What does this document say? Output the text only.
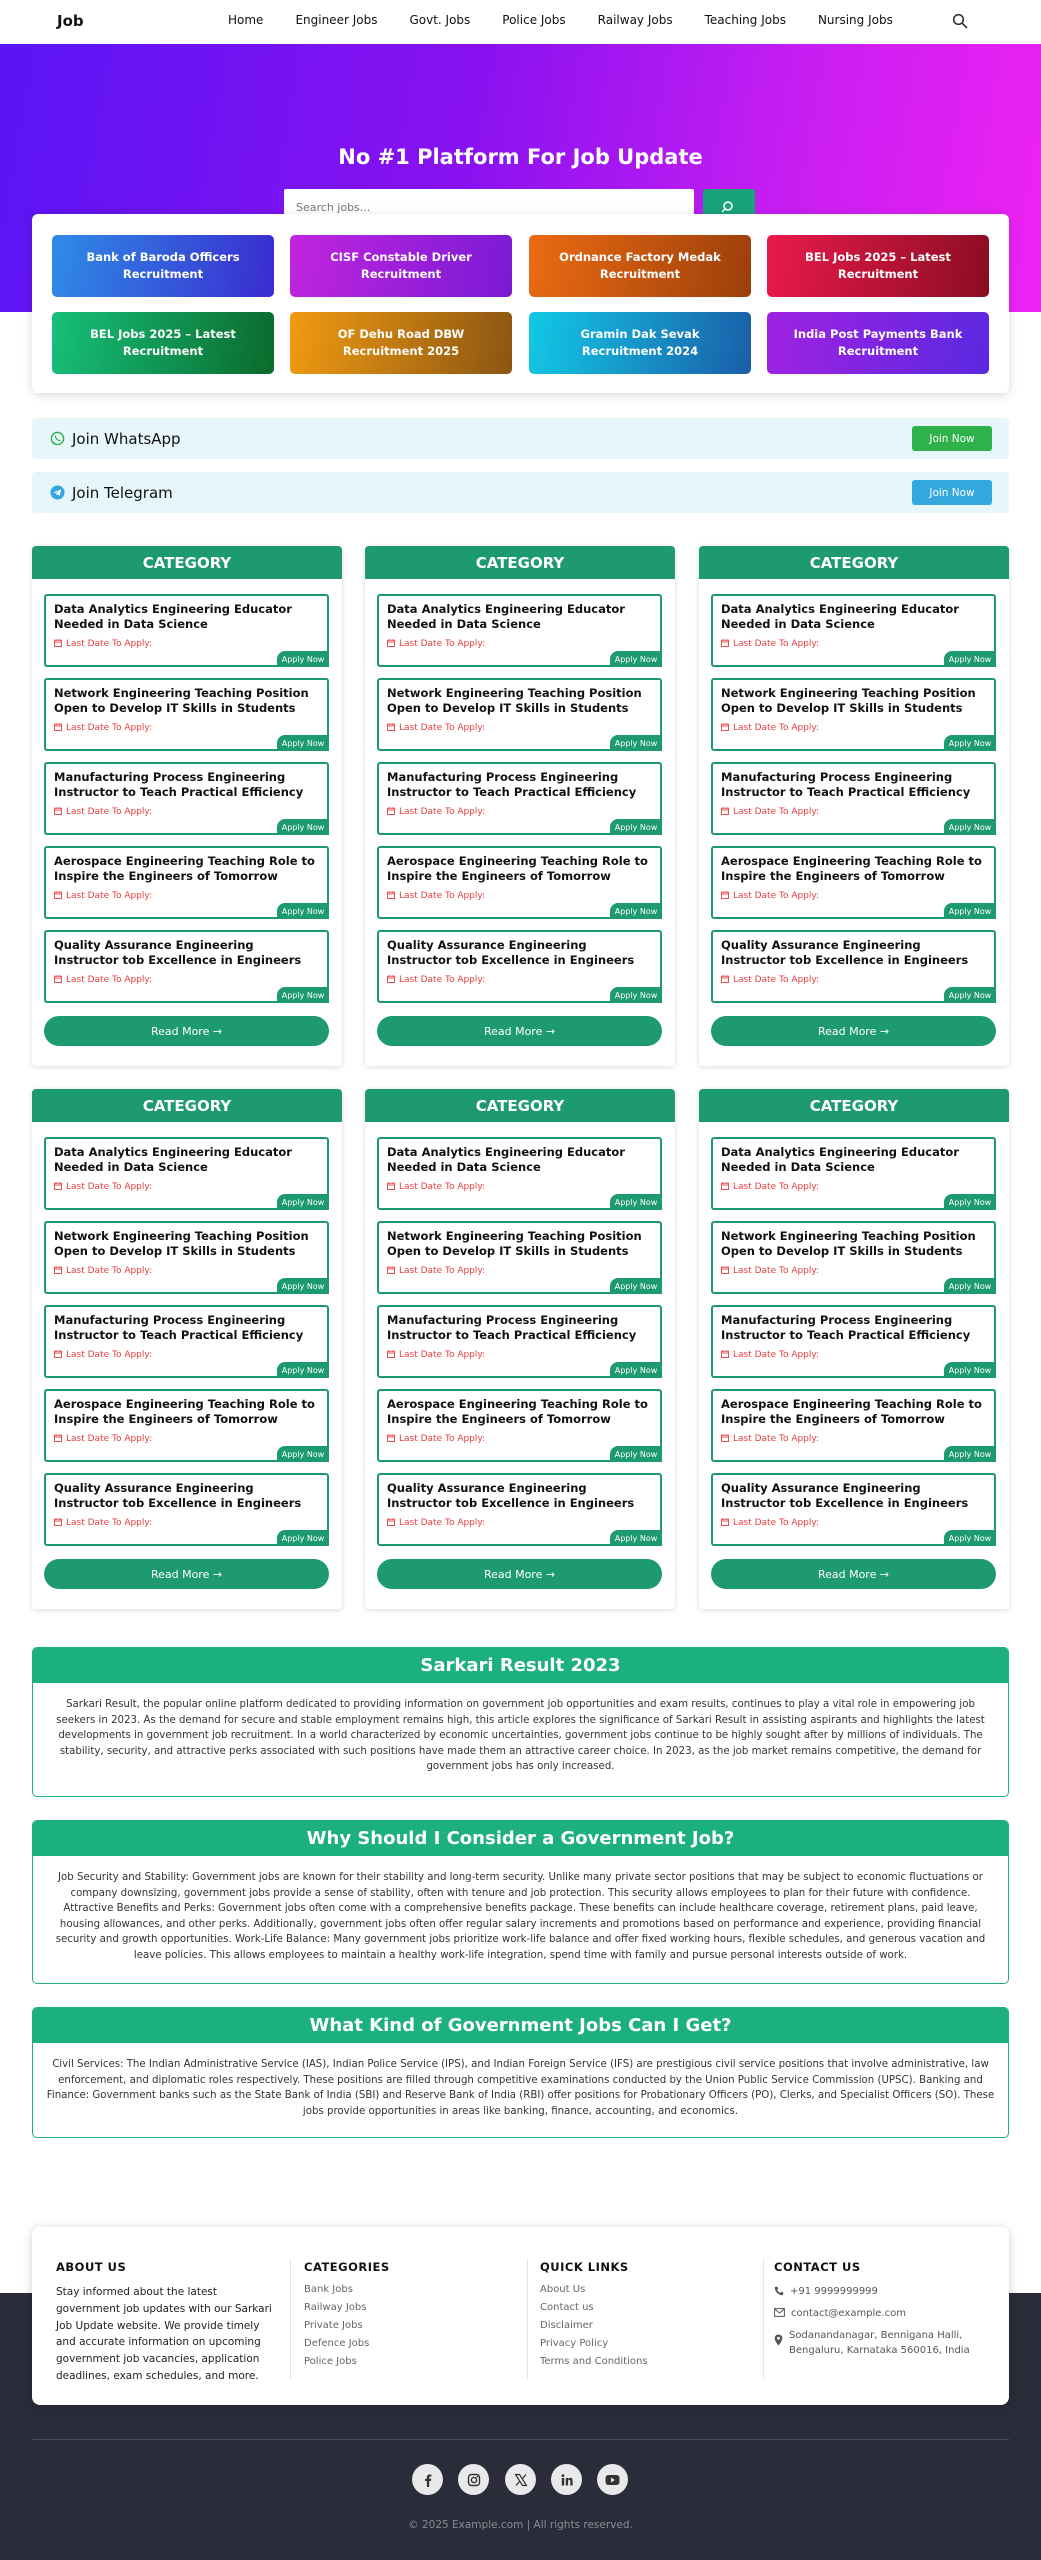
Job	Home	Engineer Jobs	Govt. Jobs	Police Jobs	Railway Jobs	Teaching Jobs	Nursing Jobs
No #1 Platform For Job Update
Search jobs...
Bank of Baroda Officers Recruitment
CISF Constable Driver Recruitment
Ordnance Factory Medak Recruitment
BEL Jobs 2025 – Latest Recruitment
BEL Jobs 2025 – Latest Recruitment
OF Dehu Road DBW Recruitment 2025
Gramin Dak Sevak Recruitment 2024
India Post Payments Bank Recruitment
Join WhatsApp	Join Now
Join Telegram	Join Now
CATEGORY
Data Analytics Engineering Educator Needed in Data Science
Last Date To Apply:
Apply Now
Network Engineering Teaching Position Open to Develop IT Skills in Students
Last Date To Apply:
Apply Now
Manufacturing Process Engineering Instructor to Teach Practical Efficiency
Last Date To Apply:
Apply Now
Aerospace Engineering Teaching Role to Inspire the Engineers of Tomorrow
Last Date To Apply:
Apply Now
Quality Assurance Engineering Instructor tob Excellence in Engineers
Last Date To Apply:
Apply Now
Read More →
CATEGORY
Data Analytics Engineering Educator Needed in Data Science
Last Date To Apply:
Apply Now
Network Engineering Teaching Position Open to Develop IT Skills in Students
Last Date To Apply:
Apply Now
Manufacturing Process Engineering Instructor to Teach Practical Efficiency
Last Date To Apply:
Apply Now
Aerospace Engineering Teaching Role to Inspire the Engineers of Tomorrow
Last Date To Apply:
Apply Now
Quality Assurance Engineering Instructor tob Excellence in Engineers
Last Date To Apply:
Apply Now
Read More →
CATEGORY
Data Analytics Engineering Educator Needed in Data Science
Last Date To Apply:
Apply Now
Network Engineering Teaching Position Open to Develop IT Skills in Students
Last Date To Apply:
Apply Now
Manufacturing Process Engineering Instructor to Teach Practical Efficiency
Last Date To Apply:
Apply Now
Aerospace Engineering Teaching Role to Inspire the Engineers of Tomorrow
Last Date To Apply:
Apply Now
Quality Assurance Engineering Instructor tob Excellence in Engineers
Last Date To Apply:
Apply Now
Read More →
CATEGORY
Data Analytics Engineering Educator Needed in Data Science
Last Date To Apply:
Apply Now
Network Engineering Teaching Position Open to Develop IT Skills in Students
Last Date To Apply:
Apply Now
Manufacturing Process Engineering Instructor to Teach Practical Efficiency
Last Date To Apply:
Apply Now
Aerospace Engineering Teaching Role to Inspire the Engineers of Tomorrow
Last Date To Apply:
Apply Now
Quality Assurance Engineering Instructor tob Excellence in Engineers
Last Date To Apply:
Apply Now
Read More →
CATEGORY
Data Analytics Engineering Educator Needed in Data Science
Last Date To Apply:
Apply Now
Network Engineering Teaching Position Open to Develop IT Skills in Students
Last Date To Apply:
Apply Now
Manufacturing Process Engineering Instructor to Teach Practical Efficiency
Last Date To Apply:
Apply Now
Aerospace Engineering Teaching Role to Inspire the Engineers of Tomorrow
Last Date To Apply:
Apply Now
Quality Assurance Engineering Instructor tob Excellence in Engineers
Last Date To Apply:
Apply Now
Read More →
CATEGORY
Data Analytics Engineering Educator Needed in Data Science
Last Date To Apply:
Apply Now
Network Engineering Teaching Position Open to Develop IT Skills in Students
Last Date To Apply:
Apply Now
Manufacturing Process Engineering Instructor to Teach Practical Efficiency
Last Date To Apply:
Apply Now
Aerospace Engineering Teaching Role to Inspire the Engineers of Tomorrow
Last Date To Apply:
Apply Now
Quality Assurance Engineering Instructor tob Excellence in Engineers
Last Date To Apply:
Apply Now
Read More →
Sarkari Result 2023
Sarkari Result, the popular online platform dedicated to providing information on government job opportunities and exam results, continues to play a vital role in empowering job seekers in 2023. As the demand for secure and stable employment remains high, this article explores the significance of Sarkari Result in assisting aspirants and highlights the latest developments in government job recruitment. In a world characterized by economic uncertainties, government jobs continue to be highly sought after by millions of individuals. The stability, security, and attractive perks associated with such positions have made them an attractive career choice. In 2023, as the job market remains competitive, the demand for government jobs has only increased.
Why Should I Consider a Government Job?
Job Security and Stability: Government jobs are known for their stability and long-term security. Unlike many private sector positions that may be subject to economic fluctuations or company downsizing, government jobs provide a sense of stability, often with tenure and job protection. This security allows employees to plan for their future with confidence. Attractive Benefits and Perks: Government jobs often come with a comprehensive benefits package. These benefits can include healthcare coverage, retirement plans, paid leave, housing allowances, and other perks. Additionally, government jobs often offer regular salary increments and promotions based on performance and experience, providing financial security and growth opportunities. Work-Life Balance: Many government jobs prioritize work-life balance and offer fixed working hours, flexible schedules, and generous vacation and leave policies. This allows employees to maintain a healthy work-life integration, spend time with family and pursue personal interests outside of work.
What Kind of Government Jobs Can I Get?
Civil Services: The Indian Administrative Service (IAS), Indian Police Service (IPS), and Indian Foreign Service (IFS) are prestigious civil service positions that involve administrative, law enforcement, and diplomatic roles respectively. These positions are filled through competitive examinations conducted by the Union Public Service Commission (UPSC). Banking and Finance: Government banks such as the State Bank of India (SBI) and Reserve Bank of India (RBI) offer positions for Probationary Officers (PO), Clerks, and Specialist Officers (SO). These jobs provide opportunities in areas like banking, finance, accounting, and economics.
ABOUT US

Stay informed about the latest government job updates with our Sarkari Job Update website. We provide timely and accurate information on upcoming government job vacancies, application deadlines, exam schedules, and more.

CATEGORIES
Bank Jobs
Railway Jobs
Private Jobs
Defence Jobs
Police Jobs
QUICK LINKS
About Us
Contact us
Disclaimer
Privacy Policy
Terms and Conditions
CONTACT US
+91 9999999999
contact@example.com
Sodanandanagar, Bennigana Halli, Bengaluru, Karnataka 560016, India
© 2025 Example.com | All rights reserved.
